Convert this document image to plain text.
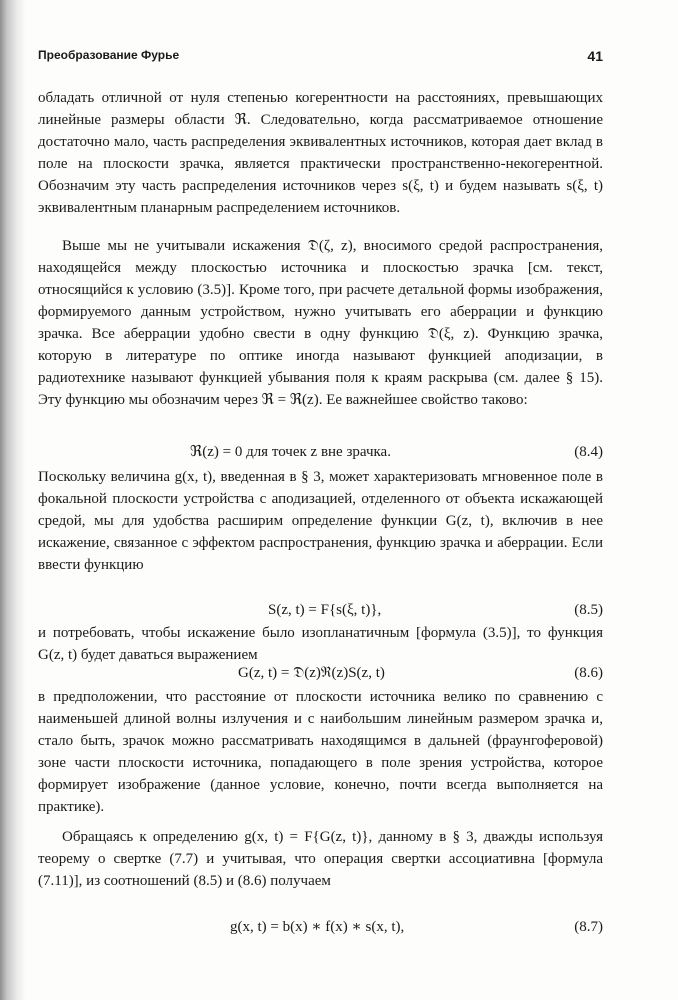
Преобразование Фурье	41

обладать отличной от нуля степенью когерентности на расстояниях, превышающих линейные размеры области ℜ. Следовательно, когда рассматриваемое отношение достаточно мало, часть распределения эквивалентных источников, которая дает вклад в поле на плоскости зрачка, является практически пространственно-некогерентной. Обозначим эту часть распределения источников через s(ξ, t) и будем называть s(ξ, t) эквивалентным планарным распределением источников.

Выше мы не учитывали искажения 𝔇(ζ, z), вносимого средой распространения, находящейся между плоскостью источника и плоскостью зрачка [см. текст, относящийся к условию (3.5)]. Кроме того, при расчете детальной формы изображения, формируемого данным устройством, нужно учитывать его аберрации и функцию зрачка. Все аберрации удобно свести в одну функцию 𝔇(ξ, z). Функцию зрачка, которую в литературе по оптике иногда называют функцией аподизации, в радиотехнике называют функцией убывания поля к краям раскрыва (см. далее § 15). Эту функцию мы обозначим через ℜ = ℜ(z). Ее важнейшее свойство таково:

ℜ(z) = 0 для точек z вне зрачка.	(8.4)

Поскольку величина g(x, t), введенная в § 3, может характеризовать мгновенное поле в фокальной плоскости устройства с аподизацией, отделенного от объекта искажающей средой, мы для удобства расширим определение функции G(z, t), включив в нее искажение, связанное с эффектом распространения, функцию зрачка и аберрации. Если ввести функцию

S(z, t) = F{s(ξ, t)},	(8.5)

и потребовать, чтобы искажение было изопланатичным [формула (3.5)], то функция G(z, t) будет даваться выражением

G(z, t) = 𝔇(z)ℜ(z)S(z, t)	(8.6)

в предположении, что расстояние от плоскости источника велико по сравнению с наименьшей длиной волны излучения и с наибольшим линейным размером зрачка и, стало быть, зрачок можно рассматривать находящимся в дальней (фраунгоферовой) зоне части плоскости источника, попадающего в поле зрения устройства, которое формирует изображение (данное условие, конечно, почти всегда выполняется на практике).

Обращаясь к определению g(x, t) = F{G(z, t)}, данному в § 3, дважды используя теорему о свертке (7.7) и учитывая, что операция свертки ассоциативна [формула (7.11)], из соотношений (8.5) и (8.6) получаем

g(x, t) = b(x) ∗ f(x) ∗ s(x, t),	(8.7)
